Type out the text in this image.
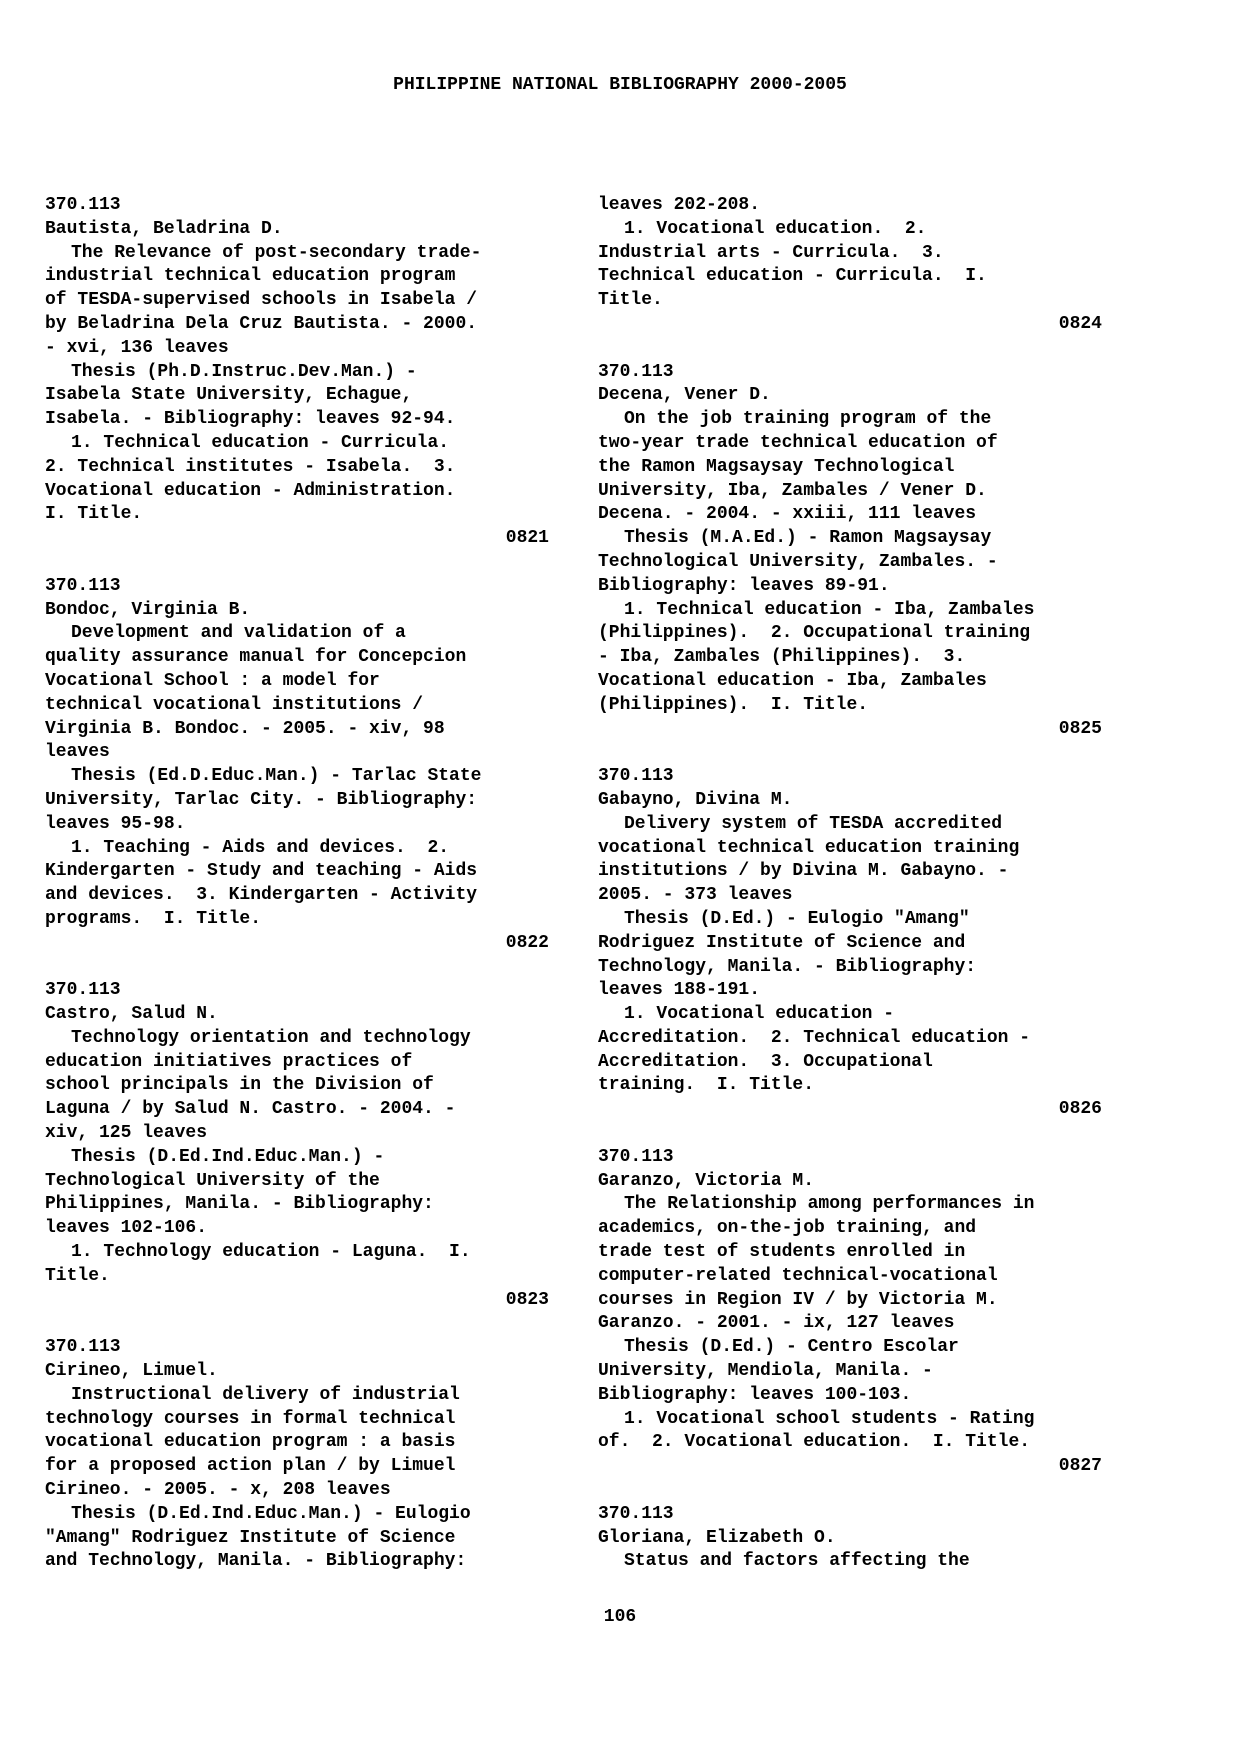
PHILIPPINE NATIONAL BIBLIOGRAPHY 2000-2005
370.113
Bautista, Beladrina D.
The Relevance of post-secondary trade-
industrial technical education program
of TESDA-supervised schools in Isabela /
by Beladrina Dela Cruz Bautista. - 2000.
- xvi, 136 leaves
Thesis (Ph.D.Instruc.Dev.Man.) -
Isabela State University, Echague,
Isabela. - Bibliography: leaves 92-94.
1. Technical education - Curricula.
2. Technical institutes - Isabela.  3.
Vocational education - Administration.
I. Title.
0821
370.113
Bondoc, Virginia B.
Development and validation of a
quality assurance manual for Concepcion
Vocational School : a model for
technical vocational institutions /
Virginia B. Bondoc. - 2005. - xiv, 98
leaves
Thesis (Ed.D.Educ.Man.) - Tarlac State
University, Tarlac City. - Bibliography:
leaves 95-98.
1. Teaching - Aids and devices.  2.
Kindergarten - Study and teaching - Aids
and devices.  3. Kindergarten - Activity
programs.  I. Title.
0822
370.113
Castro, Salud N.
Technology orientation and technology
education initiatives practices of
school principals in the Division of
Laguna / by Salud N. Castro. - 2004. -
xiv, 125 leaves
Thesis (D.Ed.Ind.Educ.Man.) -
Technological University of the
Philippines, Manila. - Bibliography:
leaves 102-106.
1. Technology education - Laguna.  I.
Title.
0823
370.113
Cirineo, Limuel.
Instructional delivery of industrial
technology courses in formal technical
vocational education program : a basis
for a proposed action plan / by Limuel
Cirineo. - 2005. - x, 208 leaves
Thesis (D.Ed.Ind.Educ.Man.) - Eulogio
"Amang" Rodriguez Institute of Science
and Technology, Manila. - Bibliography:
leaves 202-208.
1. Vocational education.  2.
Industrial arts - Curricula.  3.
Technical education - Curricula.  I.
Title.
0824
370.113
Decena, Vener D.
On the job training program of the
two-year trade technical education of
the Ramon Magsaysay Technological
University, Iba, Zambales / Vener D.
Decena. - 2004. - xxiii, 111 leaves
Thesis (M.A.Ed.) - Ramon Magsaysay
Technological University, Zambales. -
Bibliography: leaves 89-91.
1. Technical education - Iba, Zambales
(Philippines).  2. Occupational training
- Iba, Zambales (Philippines).  3.
Vocational education - Iba, Zambales
(Philippines).  I. Title.
0825
370.113
Gabayno, Divina M.
Delivery system of TESDA accredited
vocational technical education training
institutions / by Divina M. Gabayno. -
2005. - 373 leaves
Thesis (D.Ed.) - Eulogio "Amang"
Rodriguez Institute of Science and
Technology, Manila. - Bibliography:
leaves 188-191.
1. Vocational education -
Accreditation.  2. Technical education -
Accreditation.  3. Occupational
training.  I. Title.
0826
370.113
Garanzo, Victoria M.
The Relationship among performances in
academics, on-the-job training, and
trade test of students enrolled in
computer-related technical-vocational
courses in Region IV / by Victoria M.
Garanzo. - 2001. - ix, 127 leaves
Thesis (D.Ed.) - Centro Escolar
University, Mendiola, Manila. -
Bibliography: leaves 100-103.
1. Vocational school students - Rating
of.  2. Vocational education.  I. Title.
0827
370.113
Gloriana, Elizabeth O.
Status and factors affecting the
106
